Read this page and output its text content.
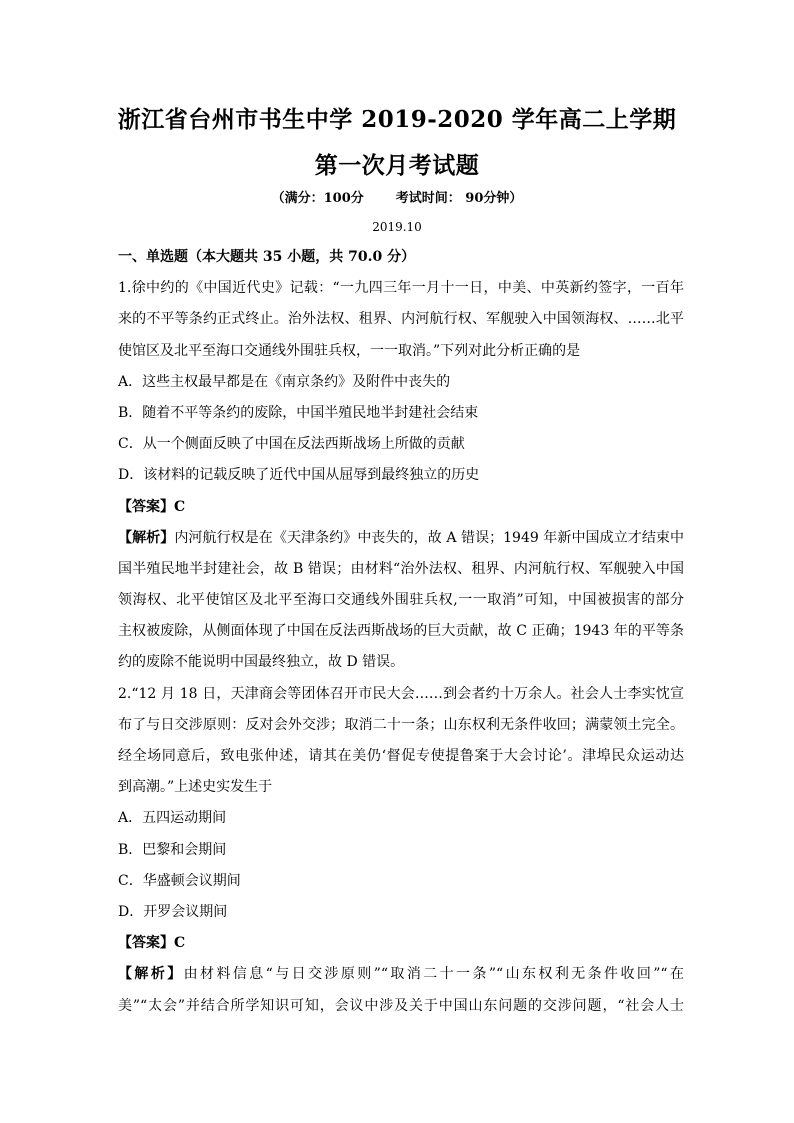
浙江省台州市书生中学 2019-2020 学年高二上学期
第一次月考试题
（满分：100分 考试时间： 90分钟）
2019.10
一、单选题（本大题共 35 小题，共 70.0 分）
1.徐中约的《中国近代史》记载：“一九四三年一月十一日，中美、中英新约签字，一百年
来的不平等条约正式终止。治外法权、租界、内河航行权、军舰驶入中国领海权、……北平
使馆区及北平至海口交通线外围驻兵权，一一取消。”下列对此分析正确的是
A．这些主权最早都是在《南京条约》及附件中丧失的
B．随着不平等条约的废除，中国半殖民地半封建社会结束
C．从一个侧面反映了中国在反法西斯战场上所做的贡献
D．该材料的记载反映了近代中国从屈辱到最终独立的历史
【答案】C
【解析】内河航行权是在《天津条约》中丧失的，故 A 错误；1949 年新中国成立才结束中
国半殖民地半封建社会，故 B 错误；由材料“治外法权、租界、内河航行权、军舰驶入中国
领海权、北平使馆区及北平至海口交通线外围驻兵权,一一取消”可知，中国被损害的部分
主权被废除，从侧面体现了中国在反法西斯战场的巨大贡献，故 C 正确；1943 年的平等条
约的废除不能说明中国最终独立，故 D 错误。
2.“12 月 18 日，天津商会等团体召开市民大会……到会者约十万余人。社会人士李实忱宣
布了与日交涉原则：反对会外交涉；取消二十一条；山东权利无条件收回；满蒙领土完全。
经全场同意后，致电张仲述，请其在美仍‘督促专使提鲁案于大会讨论’。津埠民众运动达
到高潮。”上述史实发生于
A．五四运动期间
B．巴黎和会期间
C．华盛顿会议期间
D．开罗会议期间
【答案】C
【解析】由材料信息“与日交涉原则”“取消二十一条”“山东权利无条件收回”“在
美”“太会”并结合所学知识可知，会议中涉及关于中国山东问题的交涉问题，“社会人士
